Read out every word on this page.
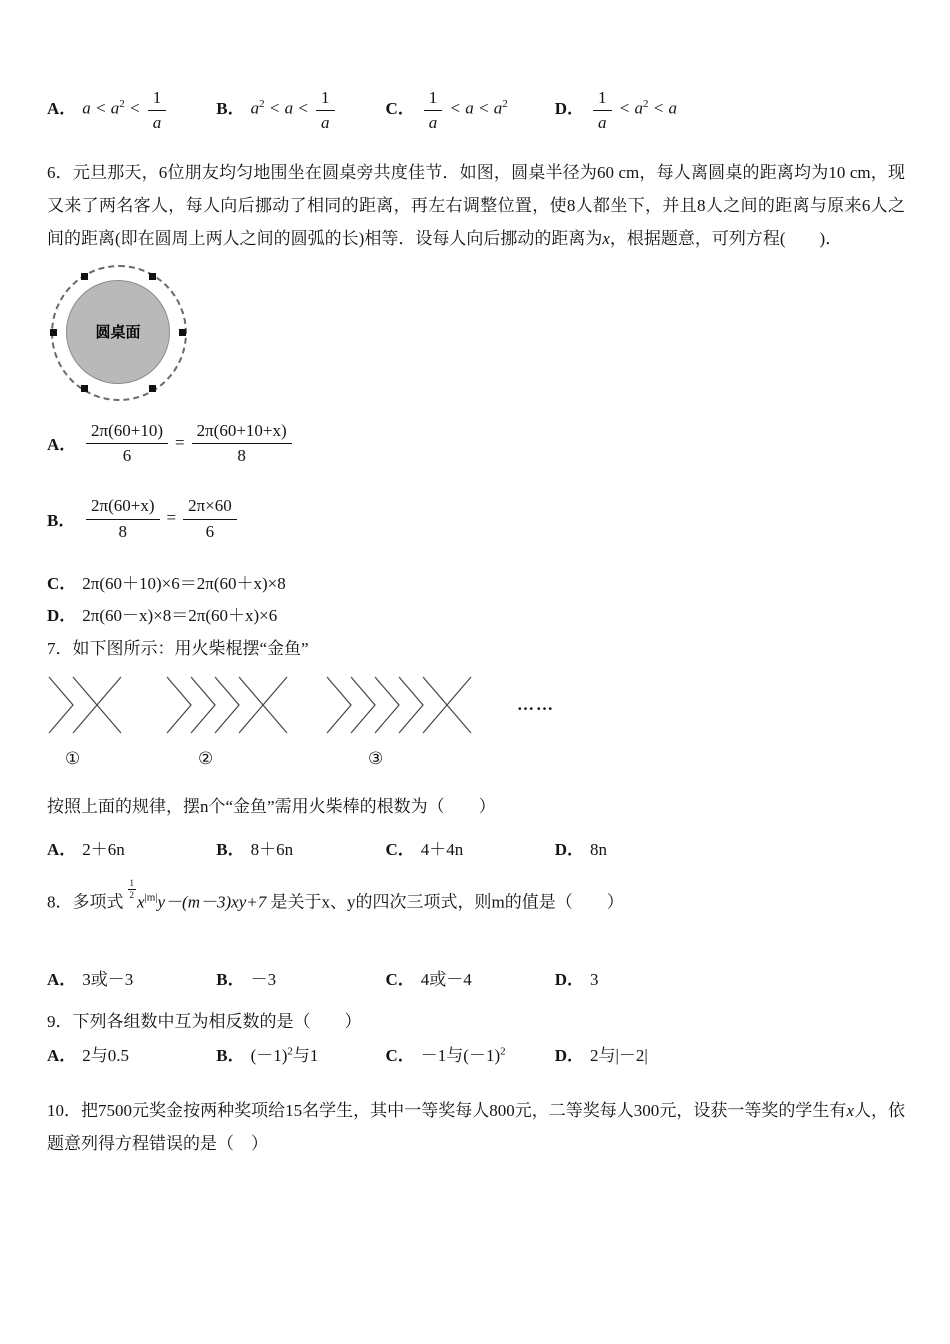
A． $a < a^2 < \frac{1}{a}$	B． $a^2 < a < \frac{1}{a}$	C． $\frac{1}{a} < a < a^2$	D． $\frac{1}{a} < a^2 < a$

6．元旦那天，6位朋友均匀地围坐在圆桌旁共度佳节．如图，圆桌半径为60 cm，每人离圆桌的距离均为10 cm，现又来了两名客人，每人向后挪动了相同的距离，再左右调整位置，使8人都坐下，并且8人之间的距离与原来6人之间的距离(即在圆周上两人之间的圆弧的长)相等．设每人向后挪动的距离为x，根据题意，可列方程(　　)．

圆桌面
A． $\frac{2\pi(60+10)}{6} = \frac{2\pi(60+10+x)}{8}$
B． $\frac{2\pi(60+x)}{8} = \frac{2\pi\times 60}{6}$

C． 2π(60＋10)×6＝2π(60＋x)×8

D． 2π(60－x)×8＝2π(60＋x)×6

7．如下图所示：用火柴棍摆“金鱼”

……
①	②	③

按照上面的规律，摆n个“金鱼”需用火柴棒的根数为（　　）

A． 2＋6n	B． 8＋6n	C． 4＋4n	D． 8n

8．多项式
$\frac{1}{2}$
$x^{|m|}y-(m-3)xy+7$ 是关于x、y的四次三项式，则m的值是（　　）

A． 3或－3	B． －3	C． 4或－4	D． 3

9．下列各组数中互为相反数的是（　　）

A． 2与0.5	B． $(-1)^2$与1	C． －1与$(-1)^2$	D． 2与|－2|

10．把7500元奖金按两种奖项给15名学生，其中一等奖每人800元，二等奖每人300元，设获一等奖的学生有x人，依题意列得方程错误的是（　）
